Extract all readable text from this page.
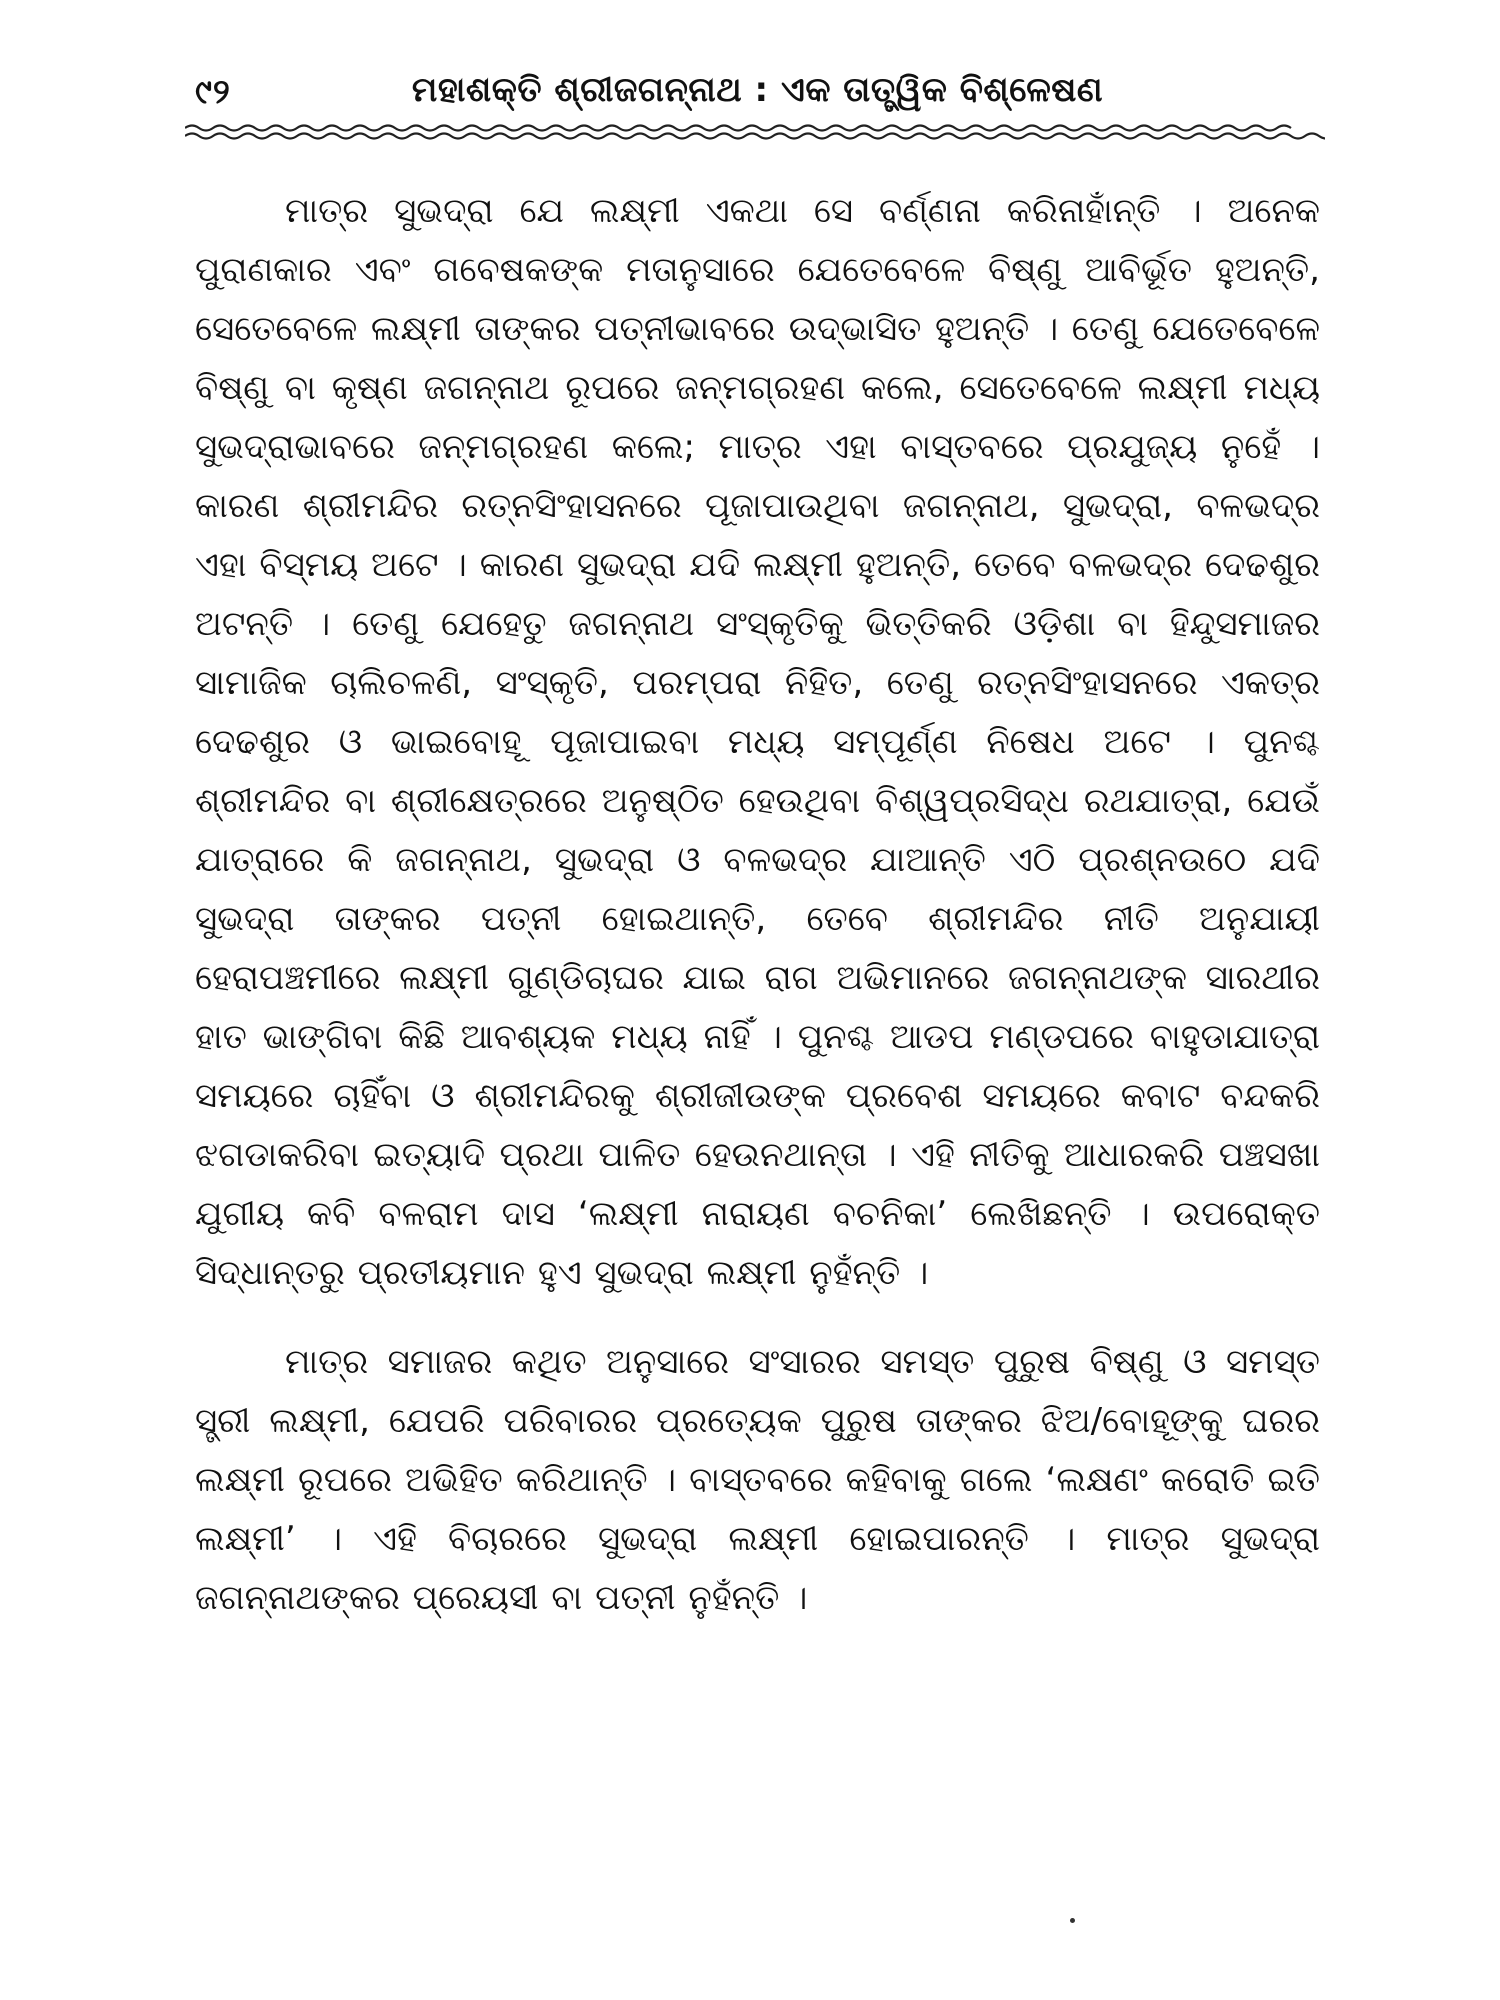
୯୨	ମହାଶକ୍ତି ଶ୍ରୀଜଗନ୍ନାଥ : ଏକ ତାତ୍ତ୍ୱିକ ବିଶ୍ଳେଷଣ

ମାତ୍ର ସୁଭଦ୍ରା ଯେ ଲକ୍ଷ୍ମୀ ଏକଥା ସେ ବର୍ଣ୍ଣନା କରିନାହାଁନ୍ତି । ଅନେକ ପୁରାଣକାର ଏବଂ ଗବେଷକଙ୍କ ମତାନୁସାରେ ଯେତେବେଳେ ବିଷ୍ଣୁ ଆବିର୍ଭୂତ ହୁଅନ୍ତି, ସେତେବେଳେ ଲକ୍ଷ୍ମୀ ତାଙ୍କର ପତ୍ନୀଭାବରେ ଉଦ୍ଭାସିତ ହୁଅନ୍ତି । ତେଣୁ ଯେତେବେଳେ ବିଷ୍ଣୁ ବା କୃଷ୍ଣ ଜଗନ୍ନାଥ ରୂପରେ ଜନ୍ମଗ୍ରହଣ କଲେ, ସେତେବେଳେ ଲକ୍ଷ୍ମୀ ମଧ୍ୟ ସୁଭଦ୍ରାଭାବରେ ଜନ୍ମଗ୍ରହଣ କଲେ; ମାତ୍ର ଏହା ବାସ୍ତବରେ ପ୍ରଯୁଜ୍ୟ ନୁହେଁ । କାରଣ ଶ୍ରୀମନ୍ଦିର ରତ୍ନସିଂହାସନରେ ପୂଜାପାଉଥିବା ଜଗନ୍ନାଥ, ସୁଭଦ୍ରା, ବଳଭଦ୍ର ଏହା ବିସ୍ମୟ ଅଟେ । କାରଣ ସୁଭଦ୍ରା ଯଦି ଲକ୍ଷ୍ମୀ ହୁଅନ୍ତି, ତେବେ ବଳଭଦ୍ର ଦେଢଶୁର ଅଟନ୍ତି । ତେଣୁ ଯେହେତୁ ଜଗନ୍ନାଥ ସଂସ୍କୃତିକୁ ଭିତ୍ତିକରି ଓଡ଼ିଶା ବା ହିନ୍ଦୁସମାଜର ସାମାଜିକ ଚାଲିଚଳଣି, ସଂସ୍କୃତି, ପରମ୍ପରା ନିହିତ, ତେଣୁ ରତ୍ନସିଂହାସନରେ ଏକତ୍ର ଦେଢଶୁର ଓ ଭାଇବୋହୂ ପୂଜାପାଇବା ମଧ୍ୟ ସମ୍ପୂର୍ଣ୍ଣ ନିଷେଧ ଅଟେ । ପୁନଶ୍ଚ ଶ୍ରୀମନ୍ଦିର ବା ଶ୍ରୀକ୍ଷେତ୍ରରେ ଅନୁଷ୍ଠିତ ହେଉଥିବା ବିଶ୍ୱପ୍ରସିଦ୍ଧ ରଥଯାତ୍ରା, ଯେଉଁ ଯାତ୍ରାରେ କି ଜଗନ୍ନାଥ, ସୁଭଦ୍ରା ଓ ବଳଭଦ୍ର ଯାଆନ୍ତି ଏଠି ପ୍ରଶ୍ନଉଠେ ଯଦି ସୁଭଦ୍ରା ତାଙ୍କର ପତ୍ନୀ ହୋଇଥାନ୍ତି, ତେବେ ଶ୍ରୀମନ୍ଦିର ନୀତି ଅନୁଯାୟୀ ହେରାପଞ୍ଚମୀରେ ଲକ୍ଷ୍ମୀ ଗୁଣ୍ଡିଚାଘର ଯାଇ ରାଗ ଅଭିମାନରେ ଜଗନ୍ନାଥଙ୍କ ସାରଥୀର ହାତ ଭାଙ୍ଗିବା କିଛି ଆବଶ୍ୟକ ମଧ୍ୟ ନାହିଁ । ପୁନଶ୍ଚ ଆଡପ ମଣ୍ଡପରେ ବାହୁଡାଯାତ୍ରା ସମୟରେ ଚାହିଁବା ଓ ଶ୍ରୀମନ୍ଦିରକୁ ଶ୍ରୀଜୀଉଙ୍କ ପ୍ରବେଶ ସମୟରେ କବାଟ ବନ୍ଦକରି ଝଗଡାକରିବା ଇତ୍ୟାଦି ପ୍ରଥା ପାଳିତ ହେଉନଥାନ୍ତା । ଏହି ନୀତିକୁ ଆଧାରକରି ପଞ୍ଚସଖା ଯୁଗୀୟ କବି ବଳରାମ ଦାସ ‘ଲକ୍ଷ୍ମୀ ନାରାୟଣ ବଚନିକା’ ଲେଖିଛନ୍ତି । ଉପରୋକ୍ତ ସିଦ୍ଧାନ୍ତରୁ ପ୍ରତୀୟମାନ ହୁଏ ସୁଭଦ୍ରା ଲକ୍ଷ୍ମୀ ନୁହଁନ୍ତି ।

ମାତ୍ର ସମାଜର କଥିତ ଅନୁସାରେ ସଂସାରର ସମସ୍ତ ପୁରୁଷ ବିଷ୍ଣୁ ଓ ସମସ୍ତ ସ୍ତ୍ରୀ ଲକ୍ଷ୍ମୀ, ଯେପରି ପରିବାରର ପ୍ରତ୍ୟେକ ପୁରୁଷ ତାଙ୍କର ଝିଅ/ବୋହୂଙ୍କୁ ଘରର ଲକ୍ଷ୍ମୀ ରୂପରେ ଅଭିହିତ କରିଥାନ୍ତି । ବାସ୍ତବରେ କହିବାକୁ ଗଲେ ‘ଲକ୍ଷଣଂ କରୋତି ଇତି ଲକ୍ଷ୍ମୀ’ । ଏହି ବିଚାରରେ ସୁଭଦ୍ରା ଲକ୍ଷ୍ମୀ ହୋଇପାରନ୍ତି । ମାତ୍ର ସୁଭଦ୍ରା ଜଗନ୍ନାଥଙ୍କର ପ୍ରେୟସୀ ବା ପତ୍ନୀ ନୁହଁନ୍ତି ।
